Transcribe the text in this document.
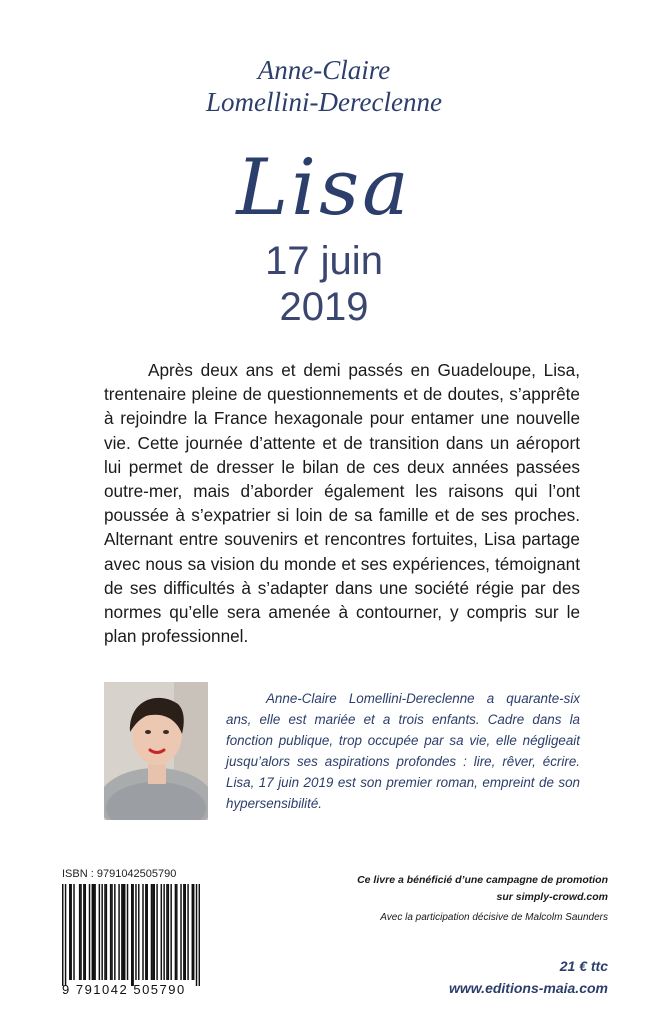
Anne-Claire
Lomellini-Dereclenne
Lisa
17 juin
2019

Après deux ans et demi passés en Guadeloupe, Lisa, trentenaire pleine de questionnements et de doutes, s’apprête à rejoindre la France hexagonale pour entamer une nouvelle vie. Cette journée d’attente et de transition dans un aéroport lui permet de dresser le bilan de ces deux années passées outre-mer, mais d’aborder également les raisons qui l’ont poussée à s’expatrier si loin de sa famille et de ses proches. Alternant entre souvenirs et rencontres fortuites, Lisa partage avec nous sa vision du monde et ses expériences, témoignant de ses difficultés à s’adapter dans une société régie par des normes qu’elle sera amenée à contourner, y compris sur le plan professionnel.

Anne-Claire Lomellini-Dereclenne a quarante-six ans, elle est mariée et a trois enfants. Cadre dans la fonction publique, trop occupée par sa vie, elle négligeait jusqu’alors ses aspirations profondes : lire, rêver, écrire. Lisa, 17 juin 2019 est son premier roman, empreint de son hypersensibilité.

ISBN : 9791042505790
9 791042 505790
Ce livre a bénéficié d’une campagne de promotion
sur simply-crowd.com
Avec la participation décisive de Malcolm Saunders
21 € ttc
www.editions-maia.com
